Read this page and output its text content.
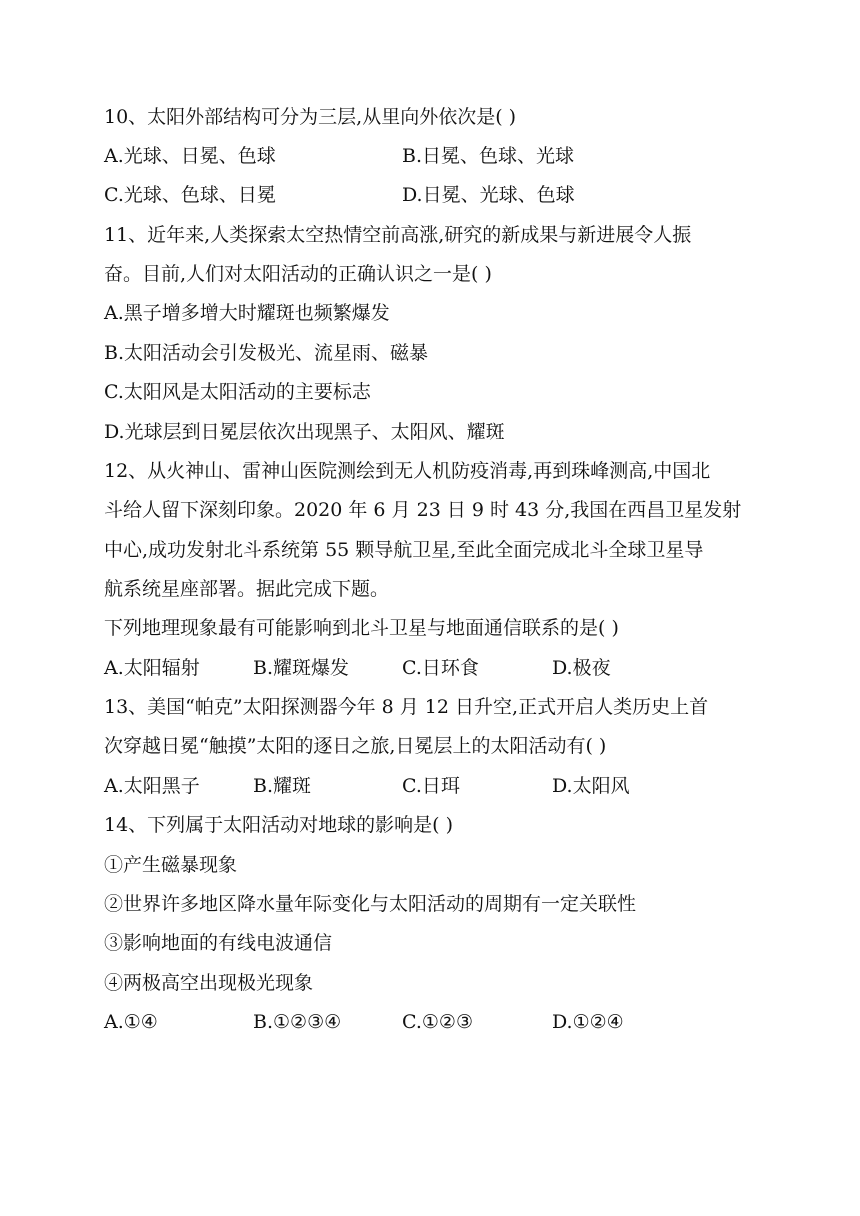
10、太阳外部结构可分为三层,从里向外依次是( )
A.光球、日冕、色球	B.日冕、色球、光球
C.光球、色球、日冕	D.日冕、光球、色球
11、近年来,人类探索太空热情空前高涨,研究的新成果与新进展令人振
奋。目前,人们对太阳活动的正确认识之一是( )
A.黑子增多增大时耀斑也频繁爆发
B.太阳活动会引发极光、流星雨、磁暴
C.太阳风是太阳活动的主要标志
D.光球层到日冕层依次出现黑子、太阳风、耀斑
12、从火神山、雷神山医院测绘到无人机防疫消毒,再到珠峰测高,中国北
斗给人留下深刻印象。2020 年 6 月 23 日 9 时 43 分,我国在西昌卫星发射
中心,成功发射北斗系统第 55 颗导航卫星,至此全面完成北斗全球卫星导
航系统星座部署。据此完成下题。
下列地理现象最有可能影响到北斗卫星与地面通信联系的是( )
A.太阳辐射	B.耀斑爆发	C.日环食	D.极夜
13、美国“帕克”太阳探测器今年 8 月 12 日升空,正式开启人类历史上首
次穿越日冕“触摸”太阳的逐日之旅,日冕层上的太阳活动有( )
A.太阳黑子	B.耀斑	C.日珥	D.太阳风
14、下列属于太阳活动对地球的影响是( )
①产生磁暴现象
②世界许多地区降水量年际变化与太阳活动的周期有一定关联性
③影响地面的有线电波通信
④两极高空出现极光现象
A.①④	B.①②③④	C.①②③	D.①②④
